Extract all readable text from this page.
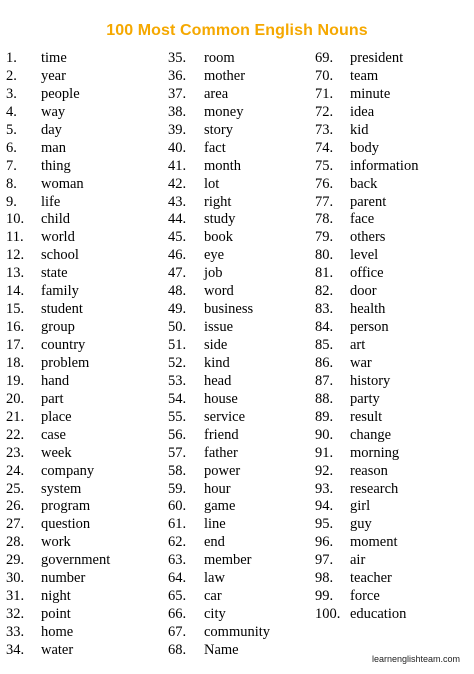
100 Most Common English Nouns
1. time
2. year
3. people
4. way
5. day
6. man
7. thing
8. woman
9. life
10. child
11. world
12. school
13. state
14. family
15. student
16. group
17. country
18. problem
19. hand
20. part
21. place
22. case
23. week
24. company
25. system
26. program
27. question
28. work
29. government
30. number
31. night
32. point
33. home
34. water
35. room
36. mother
37. area
38. money
39. story
40. fact
41. month
42. lot
43. right
44. study
45. book
46. eye
47. job
48. word
49. business
50. issue
51. side
52. kind
53. head
54. house
55. service
56. friend
57. father
58. power
59. hour
60. game
61. line
62. end
63. member
64. law
65. car
66. city
67. community
68. Name
69. president
70. team
71. minute
72. idea
73. kid
74. body
75. information
76. back
77. parent
78. face
79. others
80. level
81. office
82. door
83. health
84. person
85. art
86. war
87. history
88. party
89. result
90. change
91. morning
92. reason
93. research
94. girl
95. guy
96. moment
97. air
98. teacher
99. force
100. education
learnenglishteam.com
